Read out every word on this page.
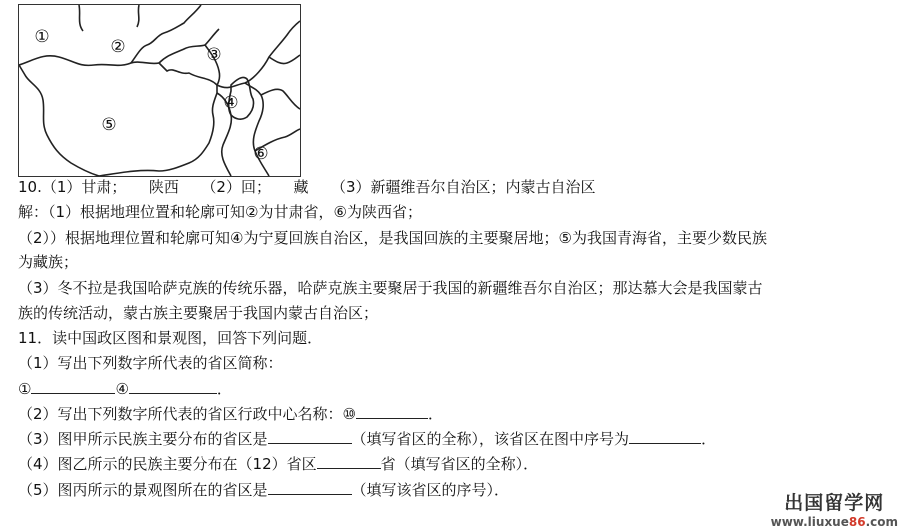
①	②	③
④
⑤
⑥
10.（1）甘肃；　　陕西　　（2）回；　　藏　　（3）新疆维吾尔自治区；内蒙古自治区
解：（1）根据地理位置和轮廓可知②为甘肃省，⑥为陕西省；
（2））根据地理位置和轮廓可知④为宁夏回族自治区，是我国回族的主要聚居地；⑤为我国青海省，主要少数民族
为藏族；
（3）冬不拉是我国哈萨克族的传统乐器，哈萨克族主要聚居于我国的新疆维吾尔自治区；那达慕大会是我国蒙古
族的传统活动，蒙古族主要聚居于我国内蒙古自治区；
11．读中国政区图和景观图，回答下列问题．
（1）写出下列数字所代表的省区简称：
①	④	．
（2）写出下列数字所代表的省区行政中心名称：⑩	．
（3）图甲所示民族主要分布的省区是	（填写省区的全称），该省区在图中序号为	．
（4）图乙所示的民族主要分布在（12）省区	省（填写省区的全称）．
（5）图丙所示的景观图所在的省区是	（填写该省区的序号）．
出国留学网
www.liuxue86.com
